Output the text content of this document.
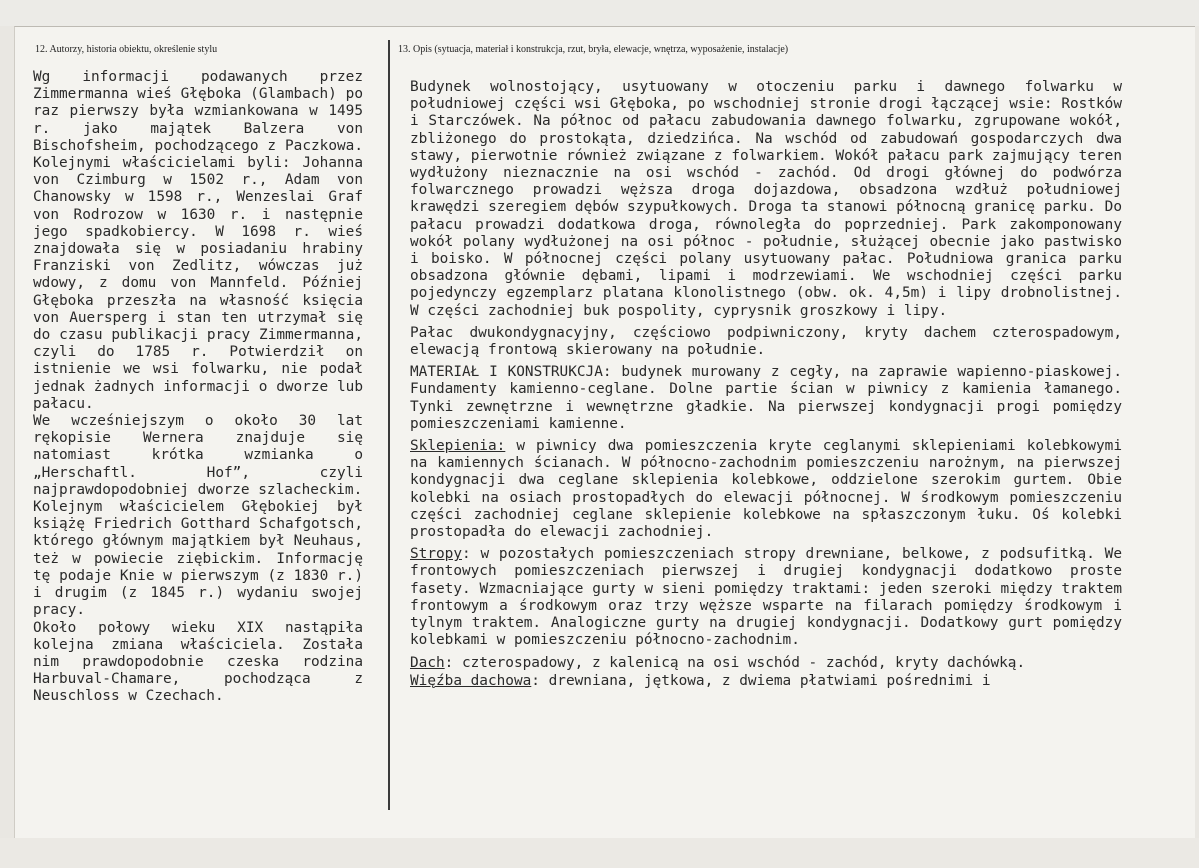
12. Autorzy, historia obiektu, określenie stylu	13. Opis (sytuacja, materiał i konstrukcja, rzut, bryła, elewacje, wnętrza, wyposażenie, instalacje)

Wg informacji podawanych przez Zimmermanna wieś Głęboka (Glambach) po raz pierwszy była wzmiankowana w 1495 r. jako majątek Balzera von Bischofsheim, pochodzącego z Paczkowa. Kolejnymi właścicielami byli: Johanna von Czimburg w 1502 r., Adam von Chanowsky w 1598 r., Wenzeslai Graf von Rodrozow w 1630 r. i następnie jego spadkobiercy. W 1698 r. wieś znajdowała się w posiadaniu hrabiny Franziski von Zedlitz, wówczas już wdowy, z domu von Mannfeld. Później Głęboka przeszła na własność księcia von Auersperg i stan ten utrzymał się do czasu publikacji pracy Zimmermanna, czyli do 1785 r. Potwierdził on istnienie we wsi folwarku, nie podał jednak żadnych informacji o dworze lub pałacu.

We wcześniejszym o około 30 lat rękopisie Wernera znajduje się natomiast krótka wzmianka o „Herschaftl. Hof”, czyli najprawdopodobniej dworze szlacheckim.

Kolejnym właścicielem Głębokiej był książę Friedrich Gotthard Schafgotsch, którego głównym majątkiem był Neuhaus, też w powiecie ziębickim. Informację tę podaje Knie w pierwszym (z 1830 r.) i drugim (z 1845 r.) wydaniu swojej pracy.

Około połowy wieku XIX nastąpiła kolejna zmiana właściciela. Została nim prawdopodobnie czeska rodzina Harbuval-Chamare, pochodząca z Neuschloss w Czechach.

Budynek wolnostojący, usytuowany w otoczeniu parku i dawnego folwarku w południowej części wsi Głęboka, po wschodniej stronie drogi łączącej wsie: Rostków i Starczówek. Na północ od pałacu zabudowania dawnego folwarku, zgrupowane wokół, zbliżonego do prostokąta, dziedzińca. Na wschód od zabudowań gospodarczych dwa stawy, pierwotnie również związane z folwarkiem. Wokół pałacu park zajmujący teren wydłużony nieznacznie na osi wschód - zachód. Od drogi głównej do podwórza folwarcznego prowadzi węższa droga dojazdowa, obsadzona wzdłuż południowej krawędzi szeregiem dębów szypułkowych. Droga ta stanowi północną granicę parku. Do pałacu prowadzi dodatkowa droga, równoległa do poprzedniej. Park zakomponowany wokół polany wydłużonej na osi północ - południe, służącej obecnie jako pastwisko i boisko. W północnej części polany usytuowany pałac. Południowa granica parku obsadzona głównie dębami, lipami i modrzewiami. We wschodniej części parku pojedynczy egzemplarz platana klonolistnego (obw. ok. 4,5m) i lipy drobnolistnej. W części zachodniej buk pospolity, cyprysnik groszkowy i lipy.

Pałac dwukondygnacyjny, częściowo podpiwniczony, kryty dachem czterospadowym, elewacją frontową skierowany na południe.

MATERIAŁ I KONSTRUKCJA: budynek murowany z cegły, na zaprawie wapienno-piaskowej. Fundamenty kamienno-ceglane. Dolne partie ścian w piwnicy z kamienia łamanego. Tynki zewnętrzne i wewnętrzne gładkie. Na pierwszej kondygnacji progi pomiędzy pomieszczeniami kamienne.

Sklepienia: w piwnicy dwa pomieszczenia kryte ceglanymi sklepieniami kolebkowymi na kamiennych ścianach. W północno-zachodnim pomieszczeniu narożnym, na pierwszej kondygnacji dwa ceglane sklepienia kolebkowe, oddzielone szerokim gurtem. Obie kolebki na osiach prostopadłych do elewacji północnej. W środkowym pomieszczeniu części zachodniej ceglane sklepienie kolebkowe na spłaszczonym łuku. Oś kolebki prostopadła do elewacji zachodniej.

Stropy: w pozostałych pomieszczeniach stropy drewniane, belkowe, z podsufitką. We frontowych pomieszczeniach pierwszej i drugiej kondygnacji dodatkowo proste fasety. Wzmacniające gurty w sieni pomiędzy traktami: jeden szeroki między traktem frontowym a środkowym oraz trzy węższe wsparte na filarach pomiędzy środkowym i tylnym traktem. Analogiczne gurty na drugiej kondygnacji. Dodatkowy gurt pomiędzy kolebkami w pomieszczeniu północno-zachodnim.

Dach: czterospadowy, z kalenicą na osi wschód - zachód, kryty dachówką.

Więźba dachowa: drewniana, jętkowa, z dwiema płatwiami pośrednimi i
